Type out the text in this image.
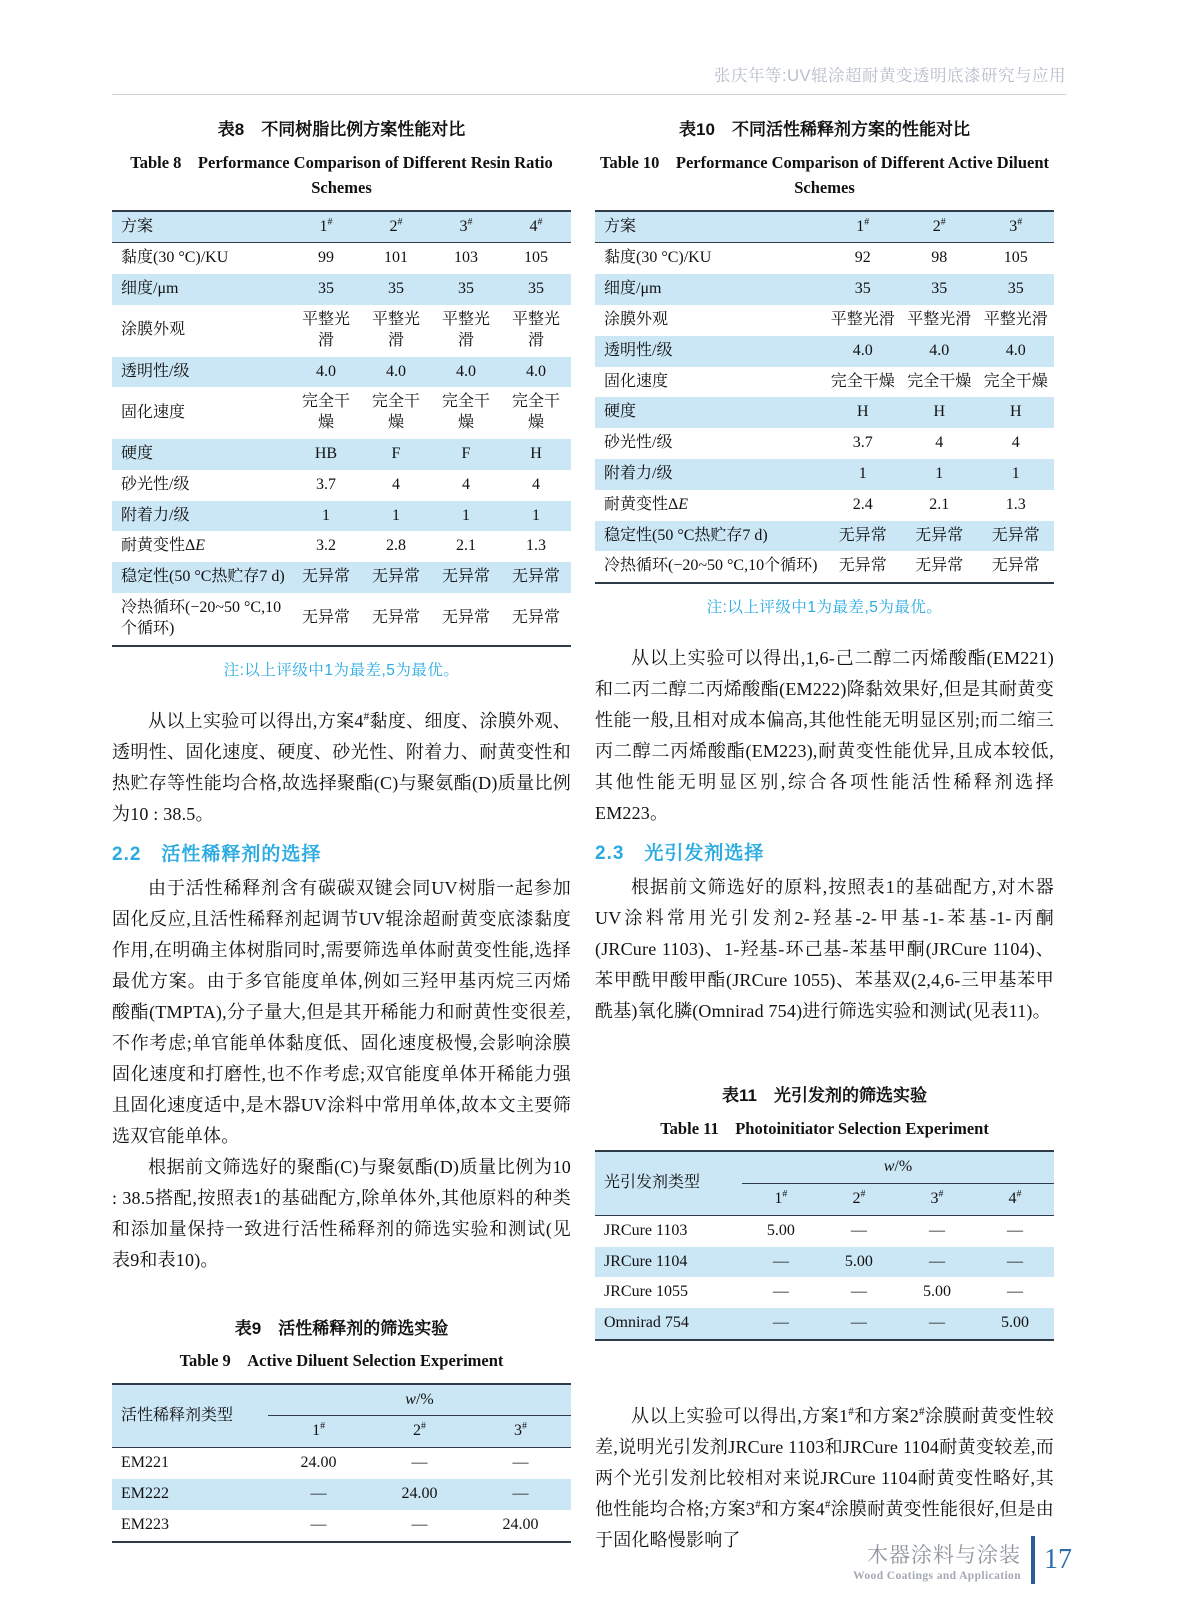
张庆年等:UV辊涂超耐黄变透明底漆研究与应用
表8　不同树脂比例方案性能对比
Table 8　Performance Comparison of Different Resin Ratio Schemes
方案	1#	2#	3#	4#
黏度(30 °C)/KU	99	101	103	105
细度/μm	35	35	35	35
涂膜外观	平整光滑	平整光滑	平整光滑	平整光滑
透明性/级	4.0	4.0	4.0	4.0
固化速度	完全干燥	完全干燥	完全干燥	完全干燥
硬度	HB	F	F	H
砂光性/级	3.7	4	4	4
附着力/级	1	1	1	1
耐黄变性ΔE	3.2	2.8	2.1	1.3
稳定性(50 °C热贮存7 d)	无异常	无异常	无异常	无异常
冷热循环(−20~50 °C,10个循环)	无异常	无异常	无异常	无异常
注:以上评级中1为最差,5为最优。

从以上实验可以得出,方案4#黏度、细度、涂膜外观、透明性、固化速度、硬度、砂光性、附着力、耐黄变性和热贮存等性能均合格,故选择聚酯(C)与聚氨酯(D)质量比例为10 : 38.5。

2.2　活性稀释剂的选择

由于活性稀释剂含有碳碳双键会同UV树脂一起参加固化反应,且活性稀释剂起调节UV辊涂超耐黄变底漆黏度作用,在明确主体树脂同时,需要筛选单体耐黄变性能,选择最优方案。由于多官能度单体,例如三羟甲基丙烷三丙烯酸酯(TMPTA),分子量大,但是其开稀能力和耐黄性变很差,不作考虑;单官能单体黏度低、固化速度极慢,会影响涂膜固化速度和打磨性,也不作考虑;双官能度单体开稀能力强且固化速度适中,是木器UV涂料中常用单体,故本文主要筛选双官能单体。

根据前文筛选好的聚酯(C)与聚氨酯(D)质量比例为10 : 38.5搭配,按照表1的基础配方,除单体外,其他原料的种类和添加量保持一致进行活性稀释剂的筛选实验和测试(见表9和表10)。

表9　活性稀释剂的筛选实验
Table 9　Active Diluent Selection Experiment
活性稀释剂类型	w/%		
	1#	2#	3#
EM221	24.00	—	—
EM222	—	24.00	—
EM223	—	—	24.00
表10　不同活性稀释剂方案的性能对比
Table 10　Performance Comparison of Different Active Diluent Schemes
方案	1#	2#	3#
黏度(30 °C)/KU	92	98	105
细度/μm	35	35	35
涂膜外观	平整光滑	平整光滑	平整光滑
透明性/级	4.0	4.0	4.0
固化速度	完全干燥	完全干燥	完全干燥
硬度	H	H	H
砂光性/级	3.7	4	4
附着力/级	1	1	1
耐黄变性ΔE	2.4	2.1	1.3
稳定性(50 °C热贮存7 d)	无异常	无异常	无异常
冷热循环(−20~50 °C,10个循环)	无异常	无异常	无异常
注:以上评级中1为最差,5为最优。

从以上实验可以得出,1,6-己二醇二丙烯酸酯(EM221)和二丙二醇二丙烯酸酯(EM222)降黏效果好,但是其耐黄变性能一般,且相对成本偏高,其他性能无明显区别;而二缩三丙二醇二丙烯酸酯(EM223),耐黄变性能优异,且成本较低,其他性能无明显区别,综合各项性能活性稀释剂选择EM223。

2.3　光引发剂选择

根据前文筛选好的原料,按照表1的基础配方,对木器UV涂料常用光引发剂2-羟基-2-甲基-1-苯基-1-丙酮(JRCure 1103)、1-羟基-环己基-苯基甲酮(JRCure 1104)、苯甲酰甲酸甲酯(JRCure 1055)、苯基双(2,4,6-三甲基苯甲酰基)氧化膦(Omnirad 754)进行筛选实验和测试(见表11)。

表11　光引发剂的筛选实验
Table 11　Photoinitiator Selection Experiment
光引发剂类型	w/%			
	1#	2#	3#	4#
JRCure 1103	5.00	—	—	—
JRCure 1104	—	5.00	—	—
JRCure 1055	—	—	5.00	—
Omnirad 754	—	—	—	5.00

从以上实验可以得出,方案1#和方案2#涂膜耐黄变性较差,说明光引发剂JRCure 1103和JRCure 1104耐黄变较差,而两个光引发剂比较相对来说JRCure 1104耐黄变性略好,其他性能均合格;方案3#和方案4#涂膜耐黄变性能很好,但是由于固化略慢影响了

木器涂料与涂装
Wood Coatings and Application
17
